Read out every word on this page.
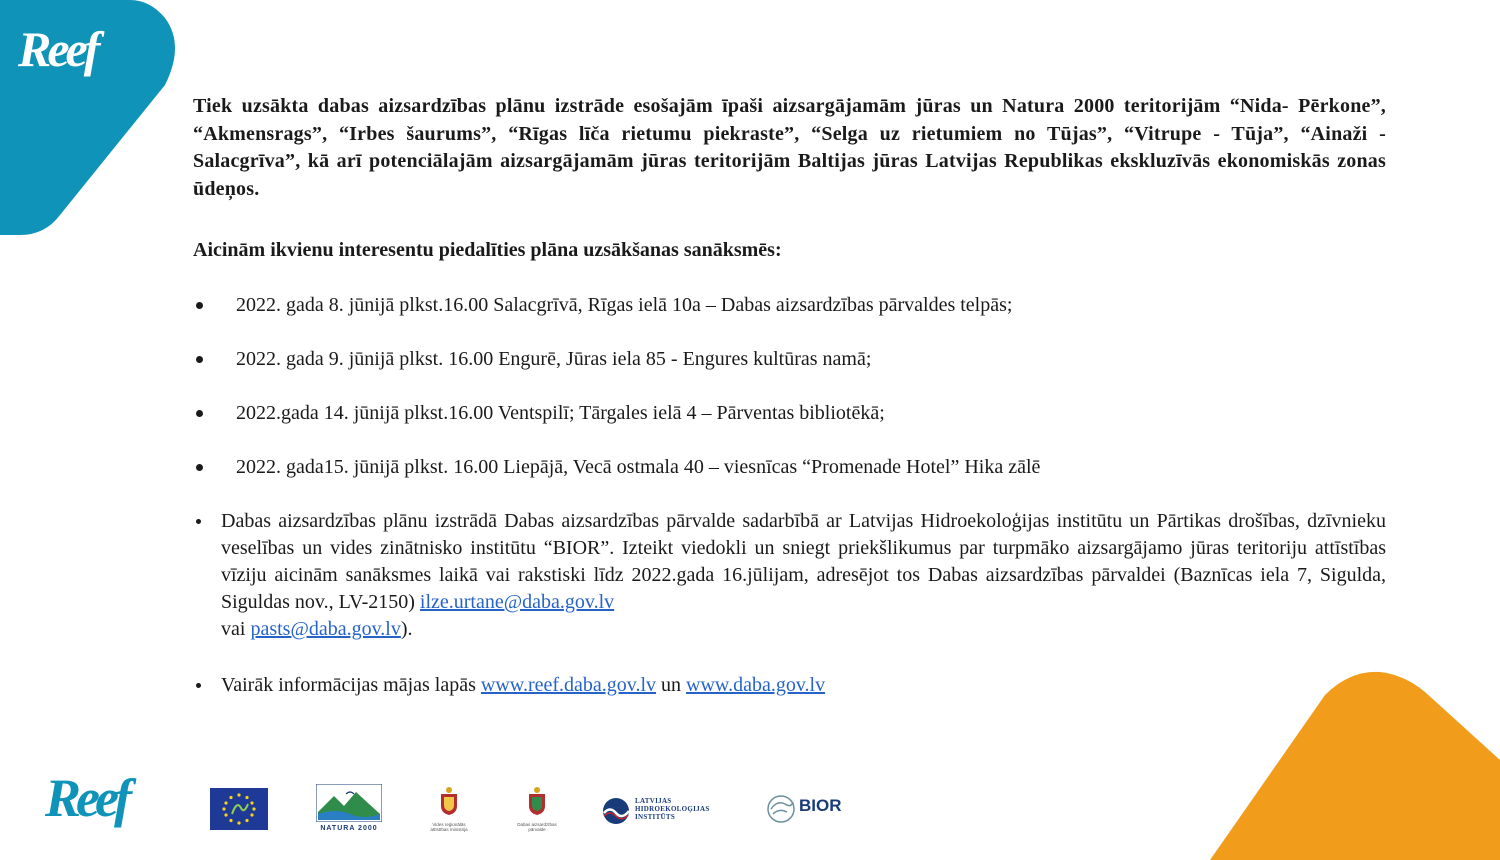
Reef

Tiek uzsākta dabas aizsardzības plānu izstrāde esošajām īpaši aizsargājamām jūras un Natura 2000 teritorijām “Nida- Pērkone”, “Akmensrags”, “Irbes šaurums”, “Rīgas līča rietumu piekraste”, “Selga uz rietumiem no Tūjas”, “Vitrupe - Tūja”, “Ainaži - Salacgrīva”, kā arī potenciālajām aizsargājamām jūras teritorijām Baltijas jūras Latvijas Republikas ekskluzīvās ekonomiskās zonas ūdeņos.

Aicinām ikvienu interesentu piedalīties plāna uzsākšanas sanāksmēs:

2022. gada 8. jūnijā plkst.16.00 Salacgrīvā, Rīgas ielā 10a – Dabas aizsardzības pārvaldes telpās;
2022. gada 9. jūnijā plkst. 16.00 Engurē, Jūras iela 85 - Engures kultūras namā;
2022.gada 14. jūnijā plkst.16.00 Ventspilī; Tārgales ielā 4 – Pārventas bibliotēkā;
2022. gada15. jūnijā plkst. 16.00 Liepājā, Vecā ostmala 40 – viesnīcas “Promenade Hotel” Hika zālē
Dabas aizsardzības plānu izstrādā Dabas aizsardzības pārvalde sadarbībā ar Latvijas Hidroekoloģijas institūtu un Pārtikas drošības, dzīvnieku veselības un vides zinātnisko institūtu “BIOR”. Izteikt viedokli un sniegt priekšlikumus par turpmāko aizsargājamo jūras teritoriju attīstības vīziju aicinām sanāksmes laikā vai rakstiski līdz 2022.gada 16.jūlijam, adresējot tos Dabas aizsardzības pārvaldei (Baznīcas iela 7, Sigulda, Siguldas nov., LV-2150) ilze.urtane@daba.gov.lv
vai pasts@daba.gov.lv).
Vairāk informācijas mājas lapās www.reef.daba.gov.lv un www.daba.gov.lv
Reef
NATURA 2000
Vides reģionālās attīstības ministrija
Dabas aizsardzības pārvalde
LATVIJAS
HIDROEKOLOĢIJAS
INSTITŪTS
BIOR
